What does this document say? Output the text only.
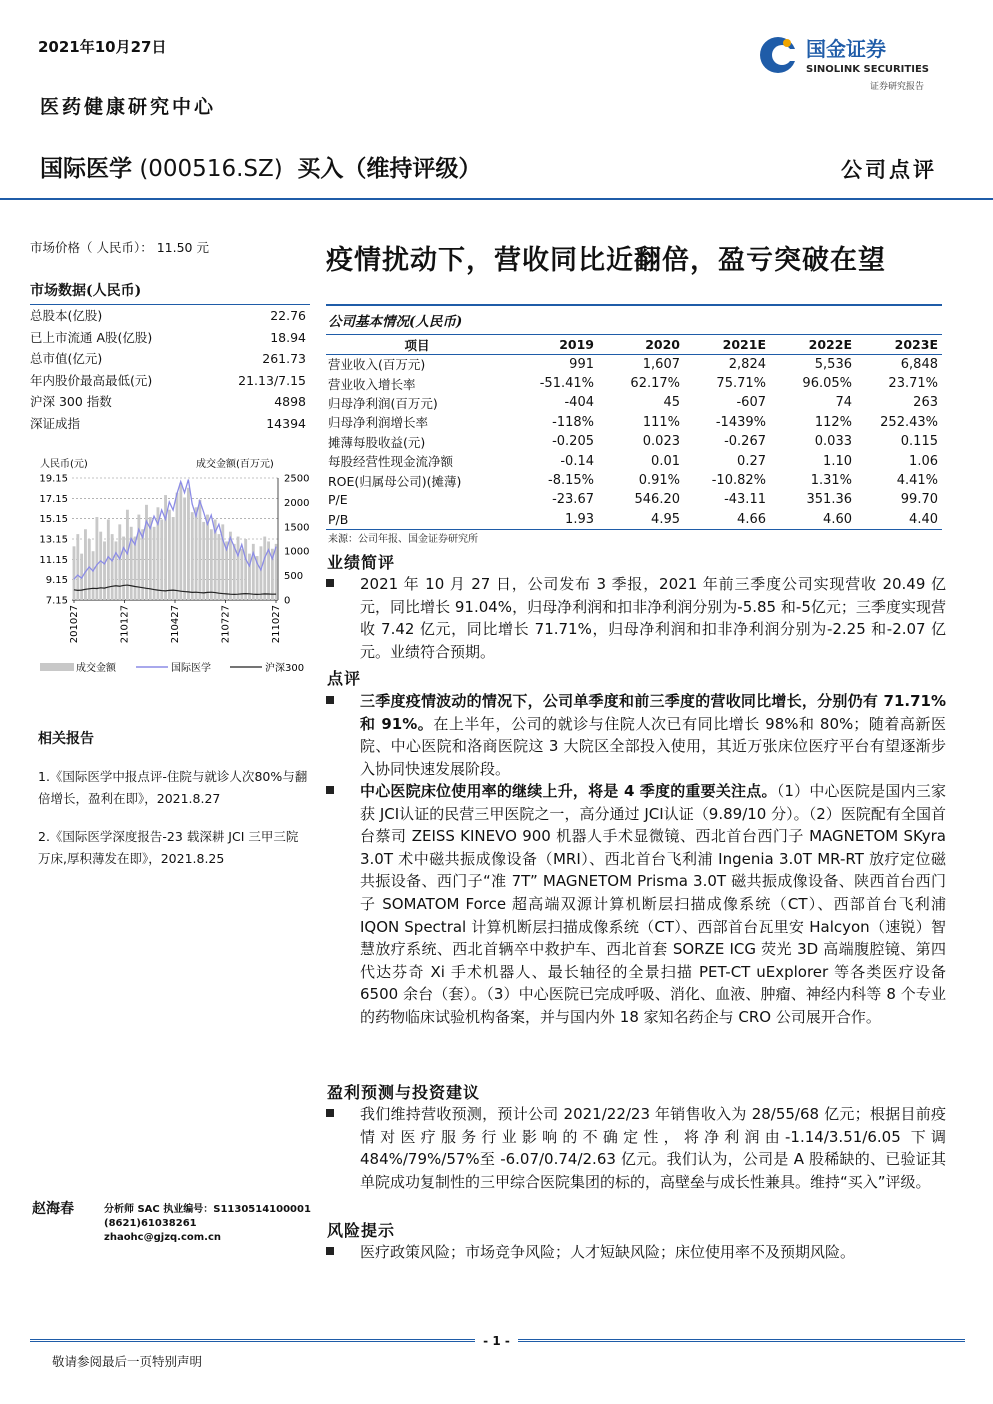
2021年10月27日
医药健康研究中心
国际医学 (000516.SZ) 买入（维持评级）	公司点评
国金证券
SINOLINK SECURITIES
证券研究报告
市场价格（ 人民币）： 11.50 元
市场数据(人民币)
总股本(亿股)	22.76
已上市流通 A股(亿股)	18.94
总市值(亿元)	261.73
年内股价最高最低(元)	21.13/7.15
沪深 300 指数	4898
深证成指	14394
人民币(元)	成交金额(百万元)
19.15
17.15
15.15
13.15
11.15
9.15
7.15
2500
2000
1500
1000
500
0
201027	210127	210427	210727	211027
成交金额	国际医学	沪深300
相关报告
1.《国际医学中报点评-住院与就诊人次80%与翻倍增长，盈利在即》，2021.8.27
2.《国际医学深度报告-23 载深耕 JCI 三甲三院万床,厚积薄发在即》，2021.8.25
赵海春	分析师 SAC 执业编号：S1130514100001
(8621)61038261
zhaohc@gjzq.com.cn
疫情扰动下，营收同比近翻倍，盈亏突破在望
公司基本情况(人民币)
项目	2019	2020	2021E	2022E	2023E
营业收入(百万元)	991	1,607	2,824	5,536	6,848
营业收入增长率	-51.41%	62.17%	75.71%	96.05%	23.71%
归母净利润(百万元)	-404	45	-607	74	263
归母净利润增长率	-118%	111%	-1439%	112%	252.43%
摊薄每股收益(元)	-0.205	0.023	-0.267	0.033	0.115
每股经营性现金流净额	-0.14	0.01	0.27	1.10	1.06
ROE(归属母公司)(摊薄)	-8.15%	0.91%	-10.82%	1.31%	4.41%
P/E	-23.67	546.20	-43.11	351.36	99.70
P/B	1.93	4.95	4.66	4.60	4.40
来源：公司年报、国金证券研究所
业绩简评
2021 年 10 月 27 日，公司发布 3 季报，2021 年前三季度公司实现营收 20.49 亿元，同比增长 91.04%，归母净利润和扣非净利润分别为-5.85 和-5亿元；三季度实现营收 7.42 亿元，同比增长 71.71%，归母净利润和扣非净利润分别为-2.25 和-2.07 亿元。业绩符合预期。
点评
三季度疫情波动的情况下，公司单季度和前三季度的营收同比增长，分别仍有 71.71%和 91%。在上半年，公司的就诊与住院人次已有同比增长 98%和 80%；随着高新医院、中心医院和洛商医院这 3 大院区全部投入使用，其近万张床位医疗平台有望逐渐步入协同快速发展阶段。
中心医院床位使用率的继续上升，将是 4 季度的重要关注点。（1）中心医院是国内三家获 JCI认证的民营三甲医院之一，高分通过 JCI认证（9.89/10 分）。（2）医院配有全国首台蔡司 ZEISS KINEVO 900 机器人手术显微镜、西北首台西门子 MAGNETOM SKyra 3.0T 术中磁共振成像设备（MRI）、西北首台飞利浦 Ingenia 3.0T MR-RT 放疗定位磁共振设备、西门子“准 7T” MAGNETOM Prisma 3.0T 磁共振成像设备、陕西首台西门子 SOMATOM Force 超高端双源计算机断层扫描成像系统（CT）、西部首台飞利浦 IQON Spectral 计算机断层扫描成像系统（CT）、西部首台瓦里安 Halcyon（速锐）智慧放疗系统、西北首辆卒中救护车、西北首套 SORZE ICG 荧光 3D 高端腹腔镜、第四代达芬奇 Xi 手术机器人、最长轴径的全景扫描 PET-CT uExplorer 等各类医疗设备 6500 余台（套）。（3）中心医院已完成呼吸、消化、血液、肿瘤、神经内科等 8 个专业的药物临床试验机构备案，并与国内外 18 家知名药企与 CRO 公司展开合作。
盈利预测与投资建议
我们维持营收预测，预计公司 2021/22/23 年销售收入为 28/55/68 亿元；根据目前疫情对医疗服务行业影响的不确定性，将净利润由-1.14/3.51/6.05 下调 484%/79%/57%至 -6.07/0.74/2.63 亿元。我们认为，公司是 A 股稀缺的、已验证其单院成功复制性的三甲综合医院集团的标的，高壁垒与成长性兼具。维持“买入”评级。
风险提示
医疗政策风险；市场竞争风险；人才短缺风险；床位使用率不及预期风险。
- 1 -
敬请参阅最后一页特别声明
